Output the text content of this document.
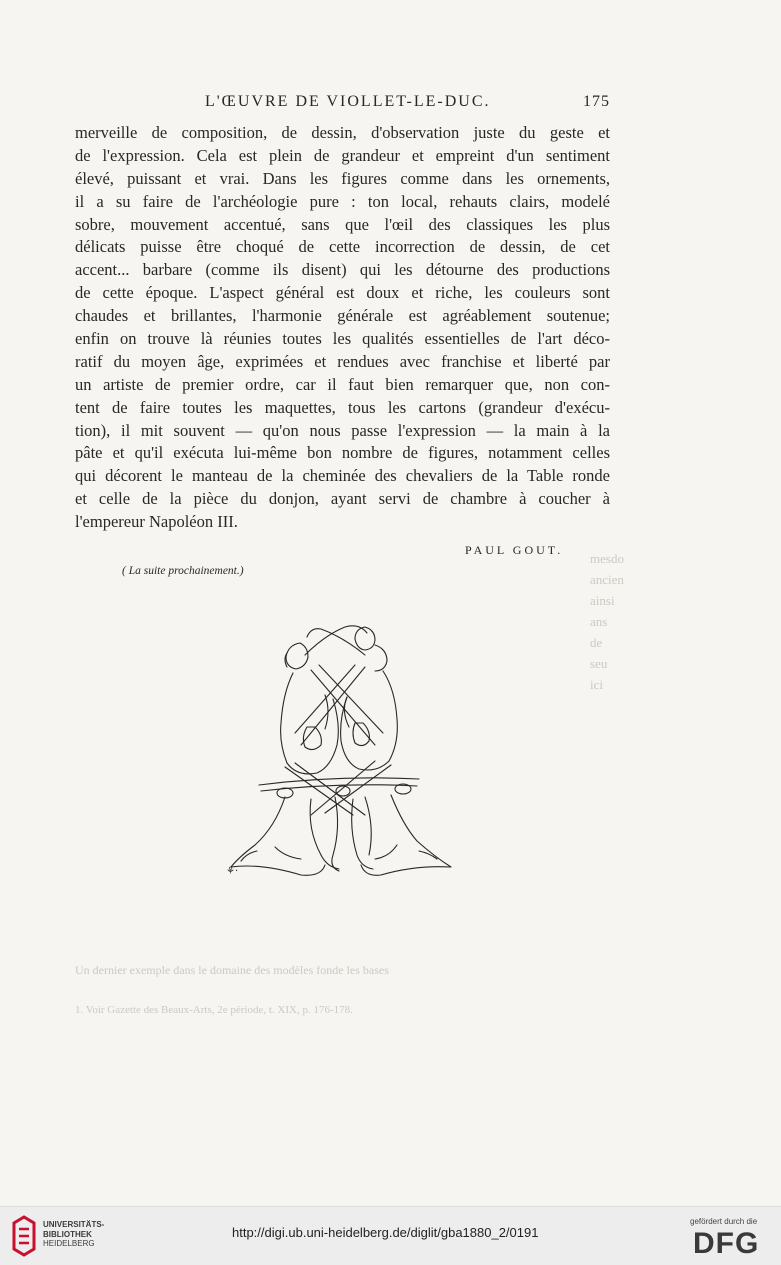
mesdo
ancien
ainsi
ans
de
seu
ici
Un dernier exemple dans le domaine des modèles fonde les bases
1. Voir Gazette des Beaux-Arts, 2e période, t. XIX, p. 176-178.
L'ŒUVRE DE VIOLLET-LE-DUC.	175
merveille de composition, de dessin, d'observation juste du geste et
de l'expression. Cela est plein de grandeur et empreint d'un sentiment
élevé, puissant et vrai. Dans les figures comme dans les ornements,
il a su faire de l'archéologie pure : ton local, rehauts clairs, modelé
sobre, mouvement accentué, sans que l'œil des classiques les plus
délicats puisse être choqué de cette incorrection de dessin, de cet
accent... barbare (comme ils disent) qui les détourne des productions
de cette époque. L'aspect général est doux et riche, les couleurs sont
chaudes et brillantes, l'harmonie générale est agréablement soutenue;
enfin on trouve là réunies toutes les qualités essentielles de l'art déco-
ratif du moyen âge, exprimées et rendues avec franchise et liberté par
un artiste de premier ordre, car il faut bien remarquer que, non con-
tent de faire toutes les maquettes, tous les cartons (grandeur d'exécu-
tion), il mit souvent — qu'on nous passe l'expression — la main à la
pâte et qu'il exécuta lui-même bon nombre de figures, notamment celles
qui décorent le manteau de la cheminée des chevaliers de la Table ronde
et celle de la pièce du donjon, ayant servi de chambre à coucher à
l'empereur Napoléon III.
PAUL GOUT.
( La suite prochainement.)
⚘·
UNIVERSITÄTS-
BIBLIOTHEK
HEIDELBERG
http://digi.ub.uni-heidelberg.de/diglit/gba1880_2/0191
gefördert durch die
DFG
